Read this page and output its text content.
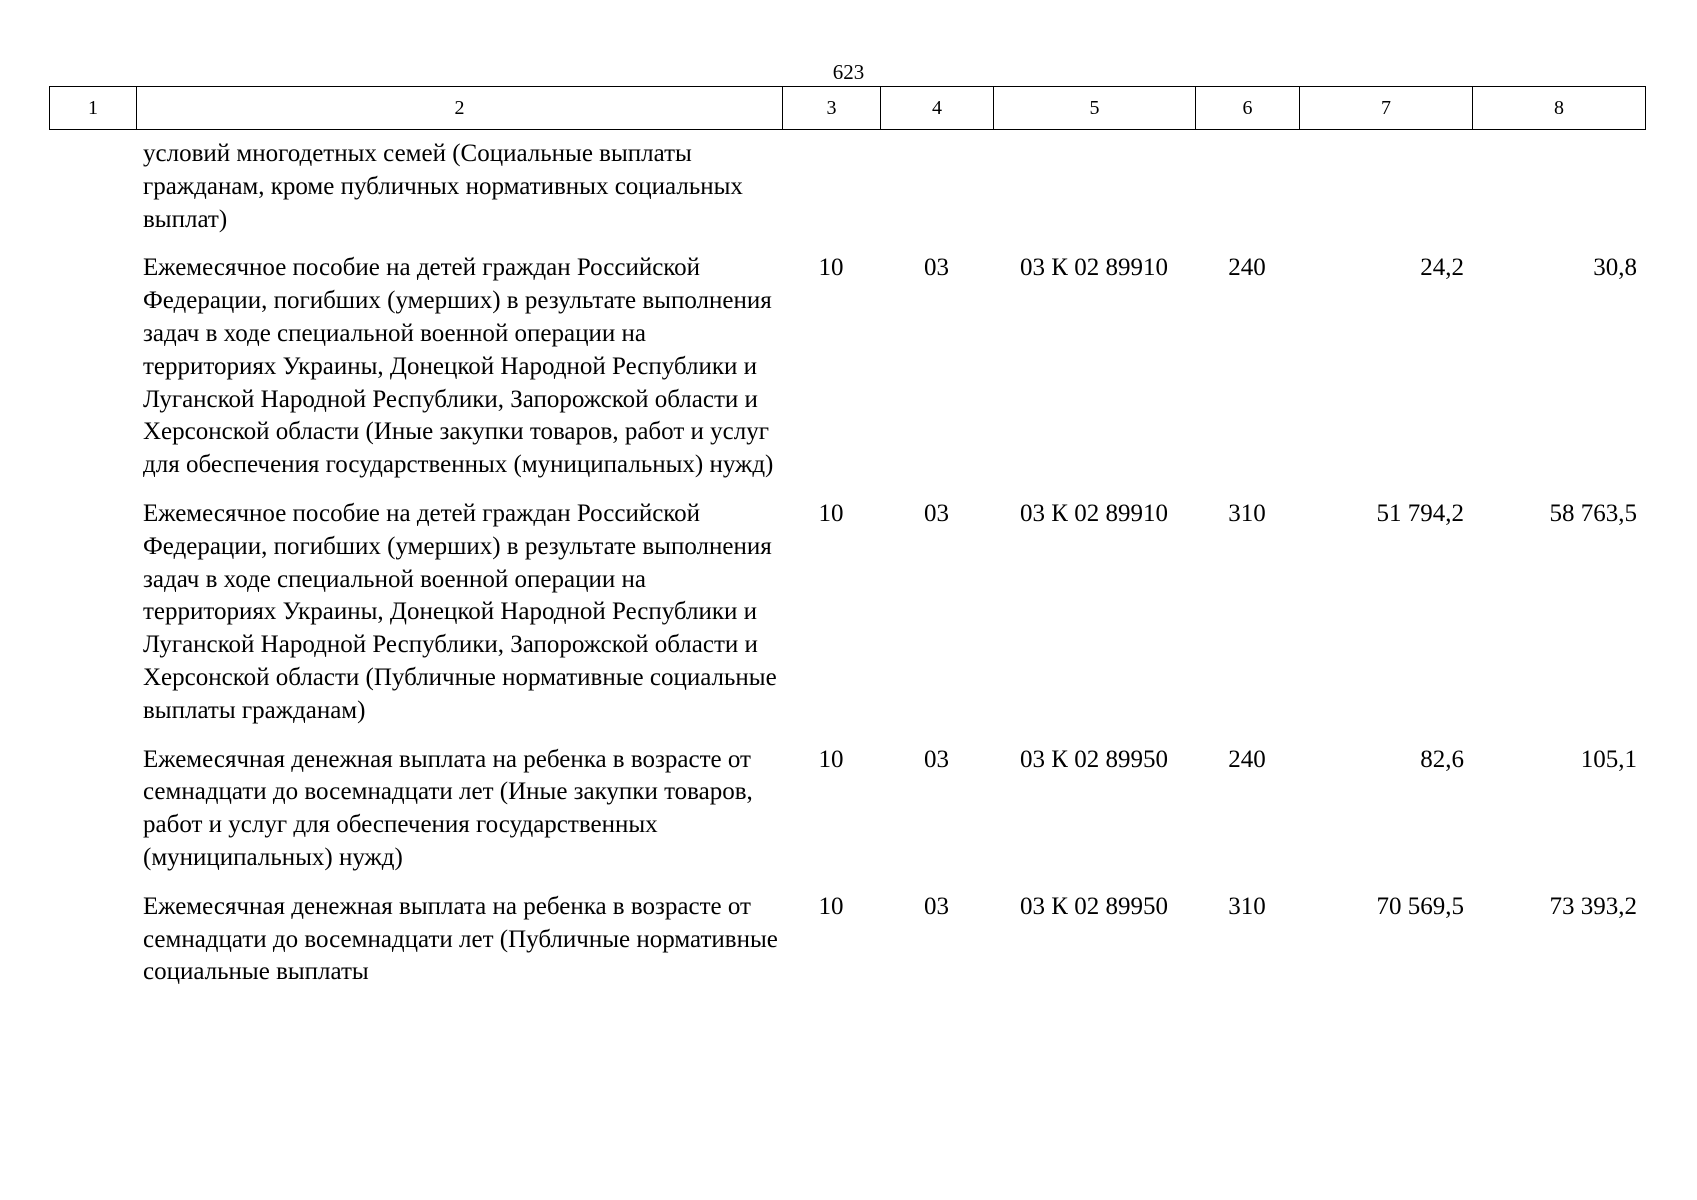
623
1	2	3	4	5	6	7	8
условий многодетных семей (Социальные выплаты гражданам, кроме публичных нормативных социальных выплат)
Ежемесячное пособие на детей граждан Российской Федерации, погибших (умерших) в результате выполнения задач в ходе специальной военной операции на территориях Украины, Донецкой Народной Республики и Луганской Народной Республики, Запорожской области и Херсонской области (Иные закупки товаров, работ и услуг для обеспечения государственных (муниципальных) нужд)
10	03	03 К 02 89910	240	24,2	30,8
Ежемесячное пособие на детей граждан Российской Федерации, погибших (умерших) в результате выполнения задач в ходе специальной военной операции на территориях Украины, Донецкой Народной Республики и Луганской Народной Республики, Запорожской области и Херсонской области (Публичные нормативные социальные выплаты гражданам)
10	03	03 К 02 89910	310	51 794,2	58 763,5
Ежемесячная денежная выплата на ребенка в возрасте от семнадцати до восемнадцати лет (Иные закупки товаров, работ и услуг для обеспечения государственных (муниципальных) нужд)
10	03	03 К 02 89950	240	82,6	105,1
Ежемесячная денежная выплата на ребенка в возрасте от семнадцати до восемнадцати лет (Публичные нормативные социальные выплаты
10	03	03 К 02 89950	310	70 569,5	73 393,2
